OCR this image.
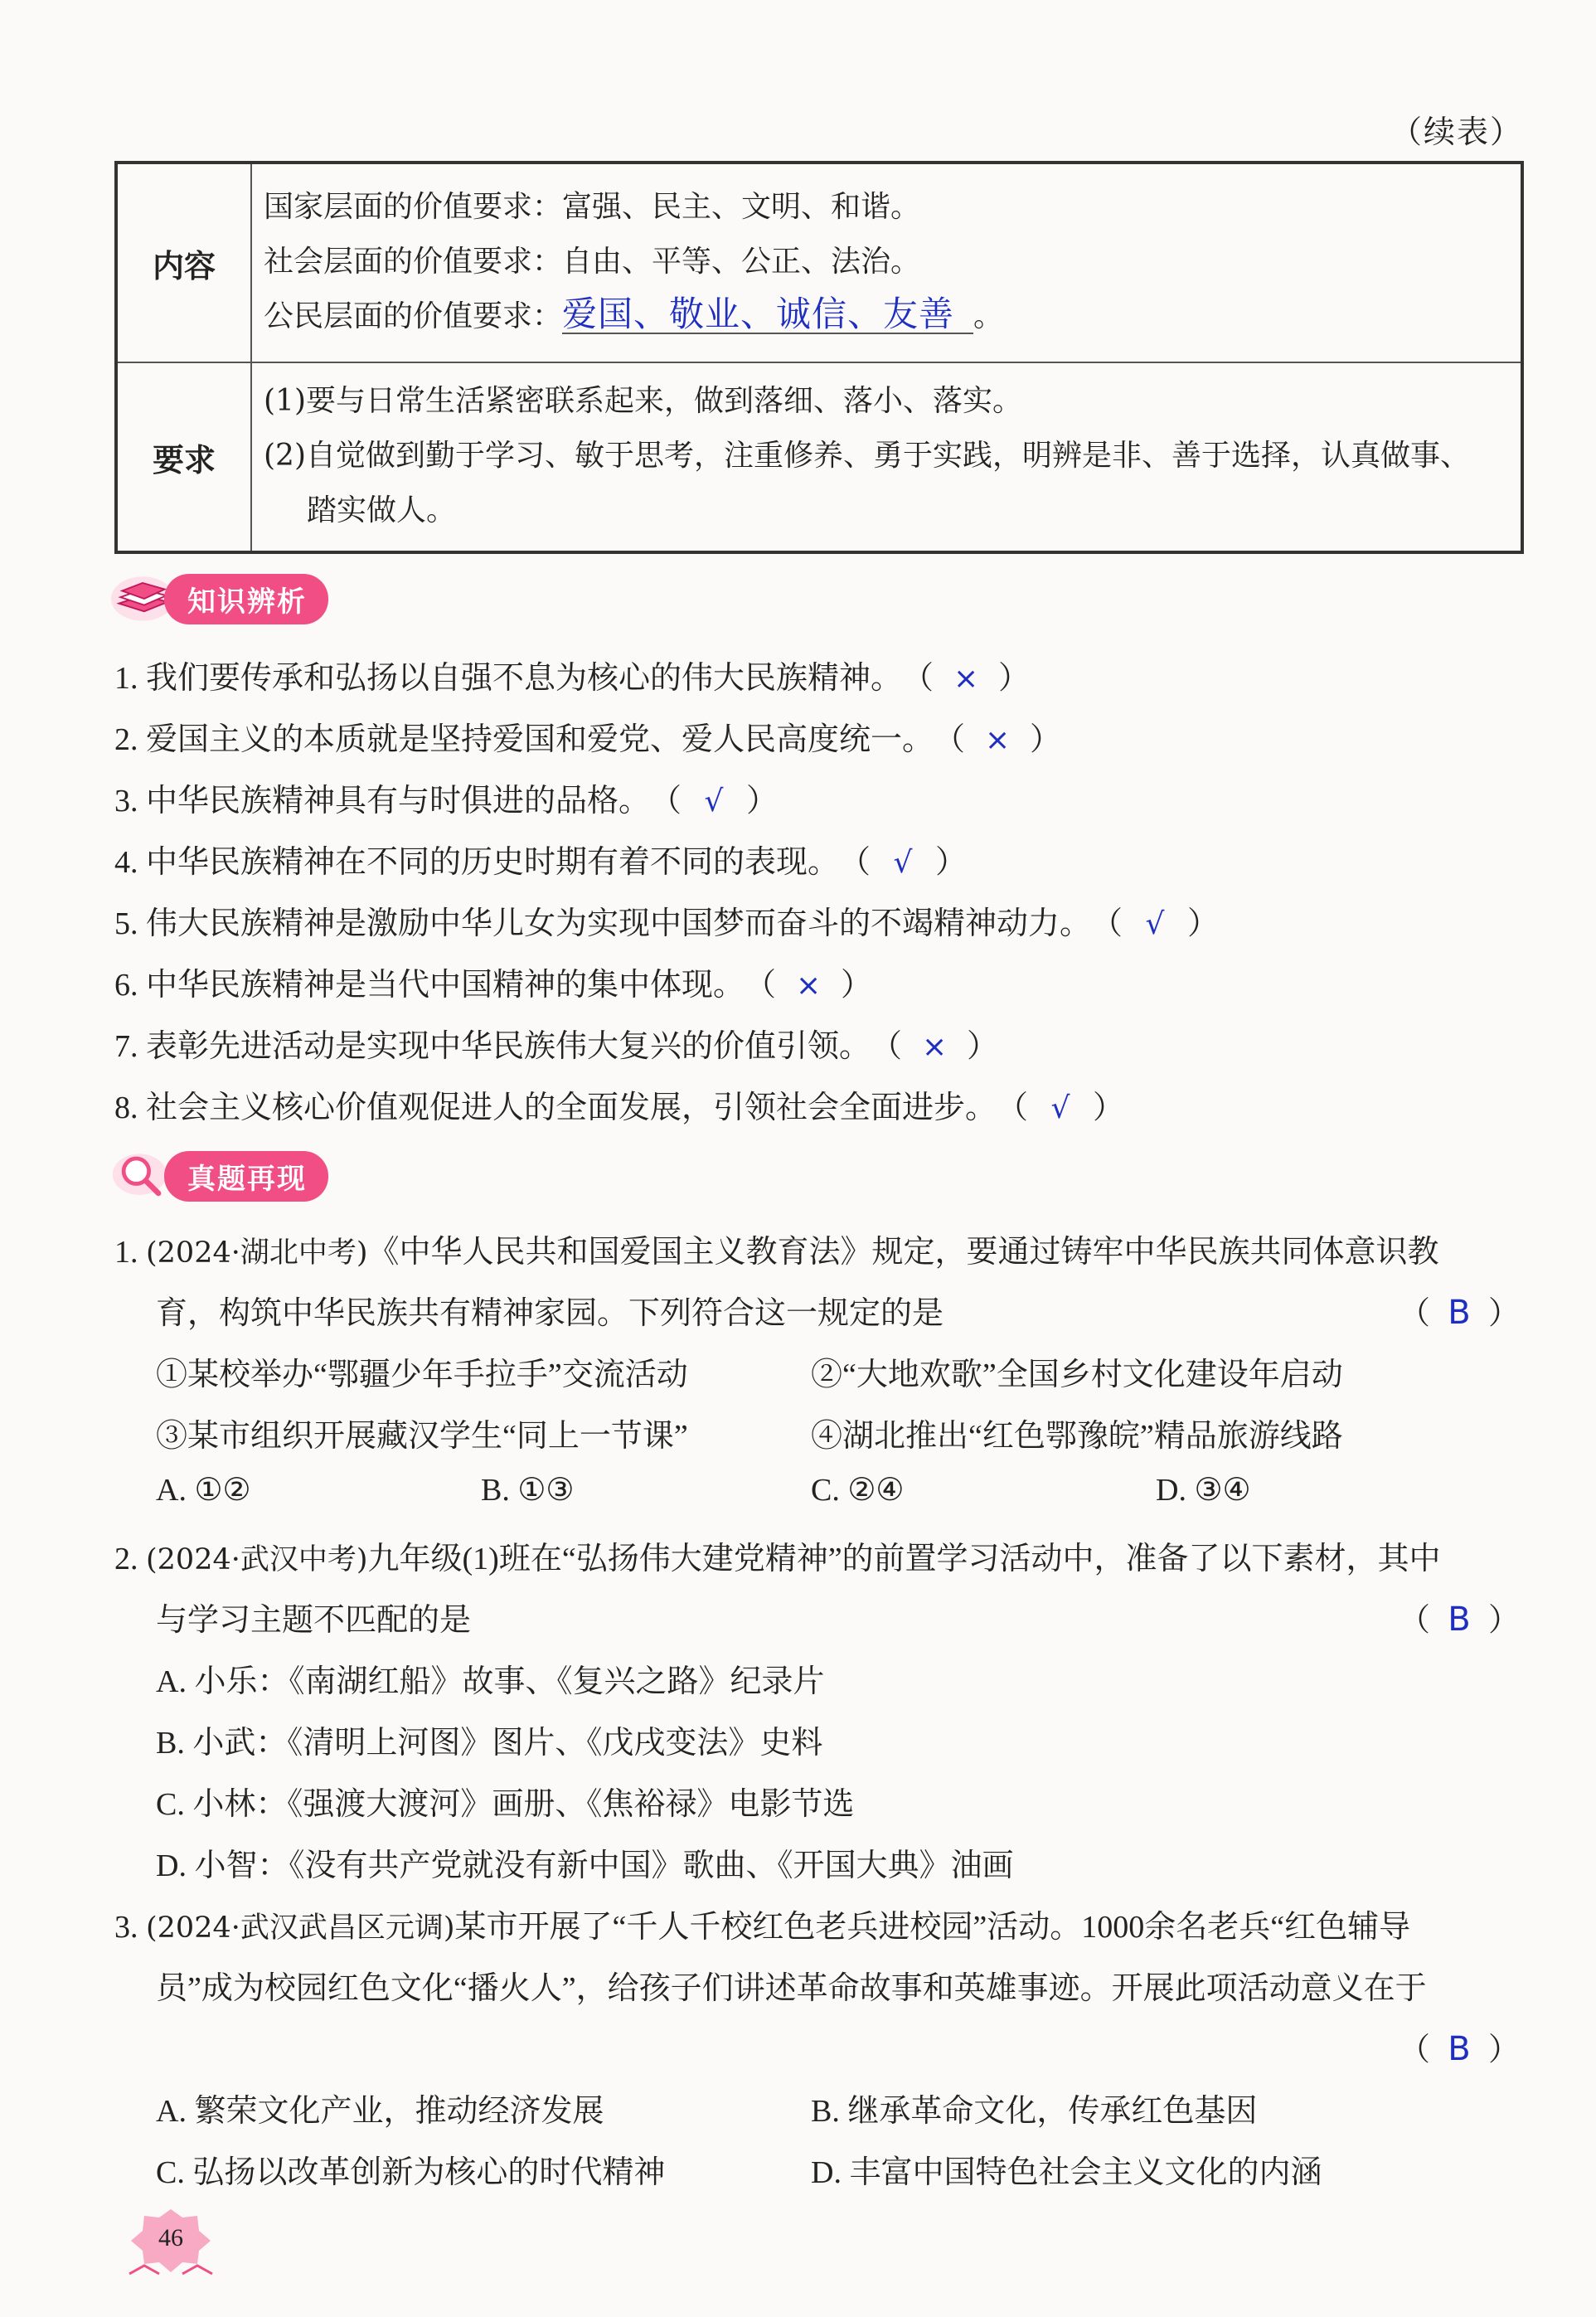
（续表）
内容	国家层面的价值要求：富强、民主、文明、和谐。
社会层面的价值要求：自由、平等、公正、法治。
公民层面的价值要求：爱国、敬业、诚信、友善 。

要求	(1)要与日常生活紧密联系起来，做到落细、落小、落实。
(2)自觉做到勤于学习、敏于思考，注重修养、勇于实践，明辨是非、善于选择，认真做事、
踏实做人。
知识辨析
1. 我们要传承和弘扬以自强不息为核心的伟大民族精神。（ × ）
2. 爱国主义的本质就是坚持爱国和爱党、爱人民高度统一。（ × ）
3. 中华民族精神具有与时俱进的品格。（ √ ）
4. 中华民族精神在不同的历史时期有着不同的表现。（ √ ）
5. 伟大民族精神是激励中华儿女为实现中国梦而奋斗的不竭精神动力。（ √ ）
6. 中华民族精神是当代中国精神的集中体现。（ × ）
7. 表彰先进活动是实现中华民族伟大复兴的价值引领。（ × ）
8. 社会主义核心价值观促进人的全面发展，引领社会全面进步。（ √ ）
真题再现
1. (2024·湖北中考)《中华人民共和国爱国主义教育法》规定，要通过铸牢中华民族共同体意识教
育，构筑中华民族共有精神家园。下列符合这一规定的是	（ B ）
①某校举办“鄂疆少年手拉手”交流活动	②“大地欢歌”全国乡村文化建设年启动
③某市组织开展藏汉学生“同上一节课”	④湖北推出“红色鄂豫皖”精品旅游线路
A. ①②	B. ①③	C. ②④	D. ③④
2. (2024·武汉中考)九年级(1)班在“弘扬伟大建党精神”的前置学习活动中，准备了以下素材，其中
与学习主题不匹配的是	（ B ）
A. 小乐：《南湖红船》故事、《复兴之路》纪录片
B. 小武：《清明上河图》图片、《戊戌变法》史料
C. 小林：《强渡大渡河》画册、《焦裕禄》电影节选
D. 小智：《没有共产党就没有新中国》歌曲、《开国大典》油画
3. (2024·武汉武昌区元调)某市开展了“千人千校红色老兵进校园”活动。1000余名老兵“红色辅导
员”成为校园红色文化“播火人”，给孩子们讲述革命故事和英雄事迹。开展此项活动意义在于
（ B ）
A. 繁荣文化产业，推动经济发展	B. 继承革命文化，传承红色基因
C. 弘扬以改革创新为核心的时代精神	D. 丰富中国特色社会主义文化的内涵
46
